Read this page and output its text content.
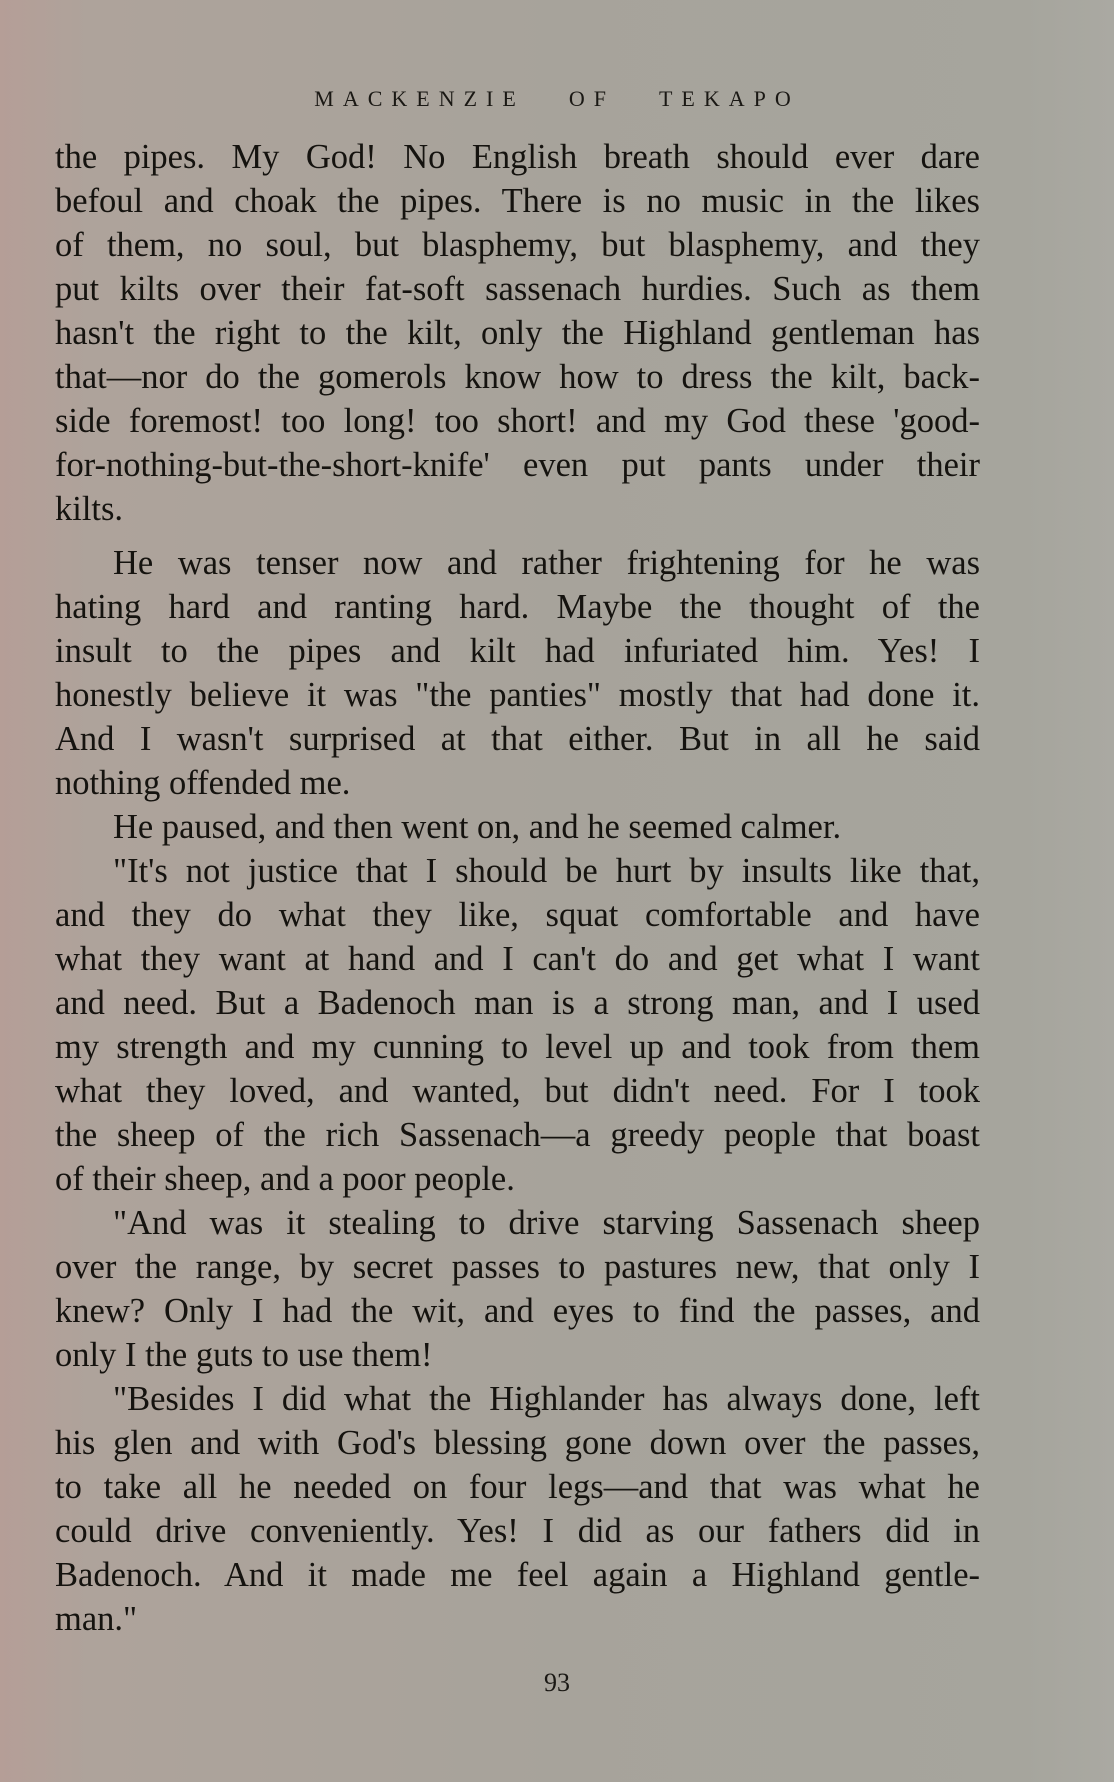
MACKENZIE OF TEKAPO

the pipes. My God! No English breath should ever dare
befoul and choak the pipes. There is no music in the likes
of them, no soul, but blasphemy, but blasphemy, and they
put kilts over their fat-soft sassenach hurdies. Such as them
hasn't the right to the kilt, only the Highland gentleman has
that—nor do the gomerols know how to dress the kilt, back-
side foremost! too long! too short! and my God these 'good-
for-nothing-but-the-short-knife' even put pants under their
kilts.

He was tenser now and rather frightening for he was
hating hard and ranting hard. Maybe the thought of the
insult to the pipes and kilt had infuriated him. Yes! I
honestly believe it was "the panties" mostly that had done it.
And I wasn't surprised at that either. But in all he said
nothing offended me.

He paused, and then went on, and he seemed calmer.

"It's not justice that I should be hurt by insults like that,
and they do what they like, squat comfortable and have
what they want at hand and I can't do and get what I want
and need. But a Badenoch man is a strong man, and I used
my strength and my cunning to level up and took from them
what they loved, and wanted, but didn't need. For I took
the sheep of the rich Sassenach—a greedy people that boast
of their sheep, and a poor people.

"And was it stealing to drive starving Sassenach sheep
over the range, by secret passes to pastures new, that only I
knew? Only I had the wit, and eyes to find the passes, and
only I the guts to use them!

"Besides I did what the Highlander has always done, left
his glen and with God's blessing gone down over the passes,
to take all he needed on four legs—and that was what he
could drive conveniently. Yes! I did as our fathers did in
Badenoch. And it made me feel again a Highland gentle-
man."

93
